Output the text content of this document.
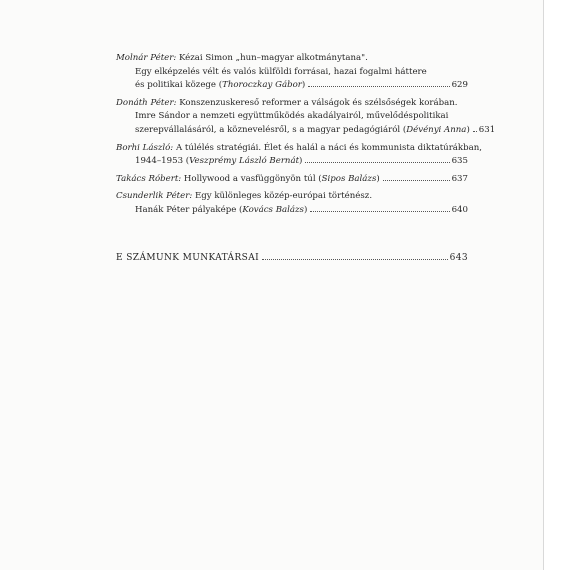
Molnár Péter:
Kézai Simon „hun–magyar alkotmánytana".
Egy elképzelés vélt és valós külföldi forrásai, hazai fogalmi háttere
és politikai közege (Thoroczkay Gábor)	629
Donáth Péter:
Konszenzuskereső reformer a válságok és szélsőségek korában.
Imre Sándor a nemzeti együttműködés akadályairól, művelődéspolitikai
szerepvállalásáról, a köznevelésről, s a magyar pedagógiáról (Dévényi Anna) 631
Borhi László:
A túlélés stratégiái. Élet és halál a náci és kommunista diktatúrákban,
1944–1953 (Veszprémy László Bernát)	635
Takács Róbert:
Hollywood a vasfüggönyön túl (Sipos Balázs)	637
Csunderlik Péter:
Egy különleges közép-európai történész.
Hanák Péter pályaképe (Kovács Balázs)	640
E SZÁMUNK MUNKATÁRSAI	643
